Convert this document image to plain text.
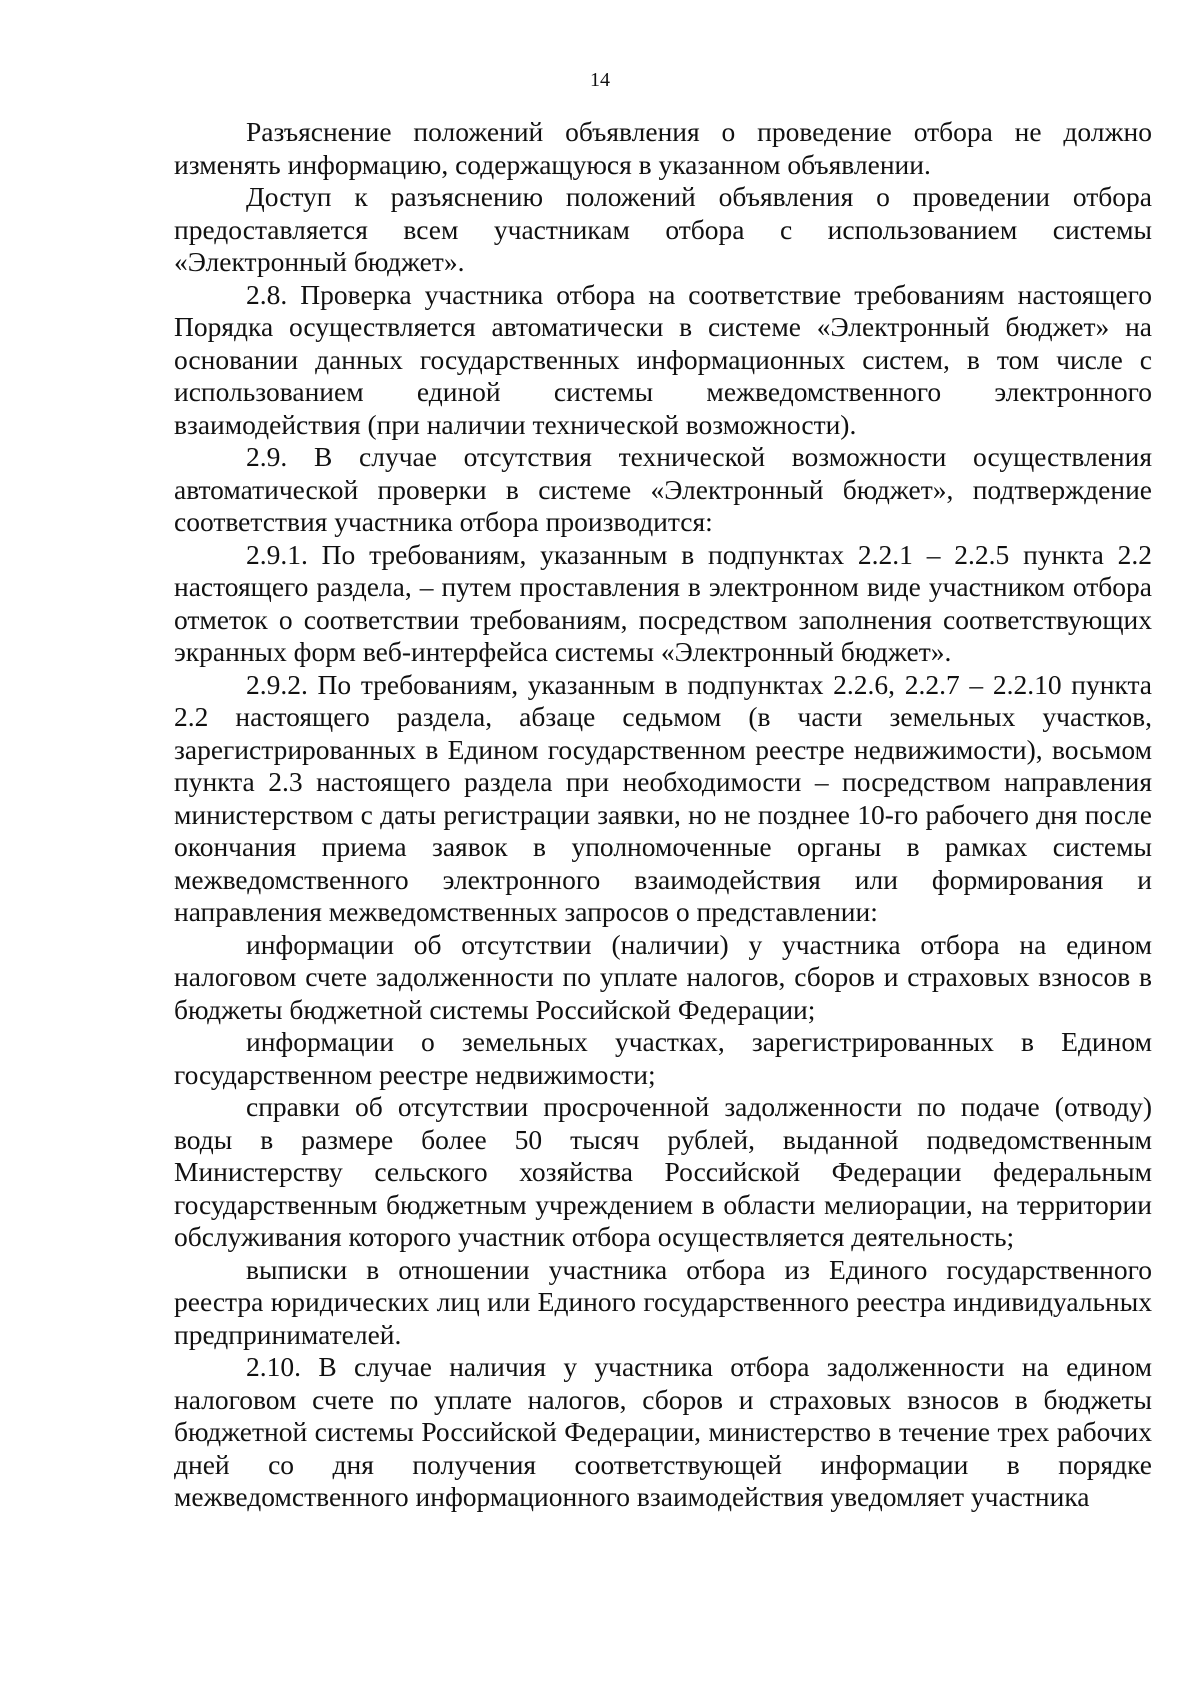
14

Разъяснение положений объявления о проведение отбора не должно изменять информацию, содержащуюся в указанном объявлении.

Доступ к разъяснению положений объявления о проведении отбора предоставляется всем участникам отбора с использованием системы «Электронный бюджет».

2.8. Проверка участника отбора на соответствие требованиям настоящего Порядка осуществляется автоматически в системе «Электронный бюджет» на основании данных государственных информационных систем, в том числе с использованием единой системы межведомственного электронного взаимодействия (при наличии технической возможности).

2.9. В случае отсутствия технической возможности осуществления автоматической проверки в системе «Электронный бюджет», подтверждение соответствия участника отбора производится:

2.9.1. По требованиям, указанным в подпунктах 2.2.1 – 2.2.5 пункта 2.2 настоящего раздела, – путем проставления в электронном виде участником отбора отметок о соответствии требованиям, посредством заполнения соответствующих экранных форм веб-интерфейса системы «Электронный бюджет».

2.9.2. По требованиям, указанным в подпунктах 2.2.6, 2.2.7 – 2.2.10 пункта 2.2 настоящего раздела, абзаце седьмом (в части земельных участков, зарегистрированных в Едином государственном реестре недвижимости), восьмом пункта 2.3 настоящего раздела при необходимости – посредством направления министерством с даты регистрации заявки, но не позднее 10-го рабочего дня после окончания приема заявок в уполномоченные органы в рамках системы межведомственного электронного взаимодействия или формирования и направления межведомственных запросов о представлении:

информации об отсутствии (наличии) у участника отбора на едином налоговом счете задолженности по уплате налогов, сборов и страховых взносов в бюджеты бюджетной системы Российской Федерации;

информации о земельных участках, зарегистрированных в Едином государственном реестре недвижимости;

справки об отсутствии просроченной задолженности по подаче (отводу) воды в размере более 50 тысяч рублей, выданной подведомственным Министерству сельского хозяйства Российской Федерации федеральным государственным бюджетным учреждением в области мелиорации, на территории обслуживания которого участник отбора осуществляется деятельность;

выписки в отношении участника отбора из Единого государственного реестра юридических лиц или Единого государственного реестра индивидуальных предпринимателей.

2.10. В случае наличия у участника отбора задолженности на едином налоговом счете по уплате налогов, сборов и страховых взносов в бюджеты бюджетной системы Российской Федерации, министерство в течение трех рабочих дней со дня получения соответствующей информации в порядке межведомственного информационного взаимодействия уведомляет участника
